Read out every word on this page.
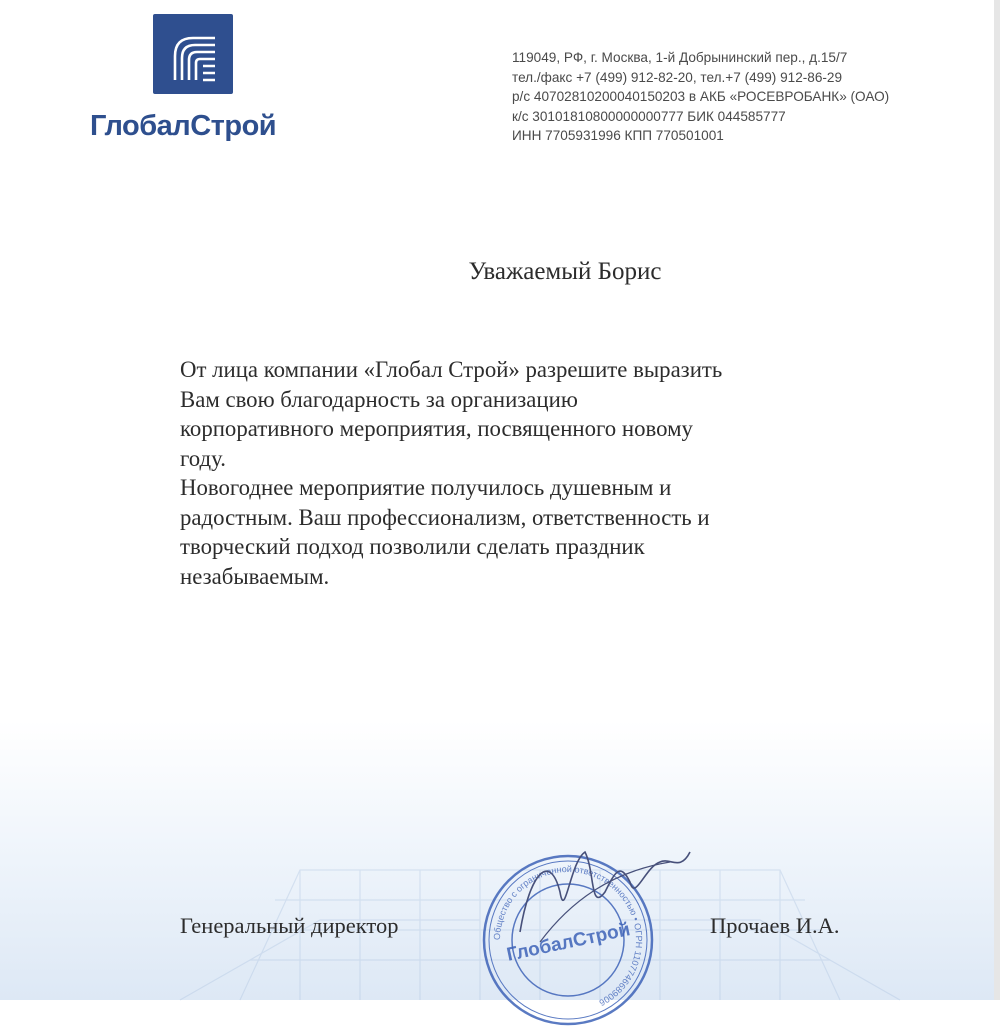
ГлобалСтрой
119049, РФ, г. Москва, 1-й Добрынинский пер., д.15/7
тел./факс +7 (499) 912-82-20, тел.+7 (499) 912-86-29
р/с 40702810200040150203 в АКБ «РОСЕВРОБАНК» (ОАО)
к/с 30101810800000000777 БИК 044585777
ИНН 7705931996 КПП 770501001
Уважаемый Борис
От лица компании «Глобал Строй» разрешите выразить
Вам свою благодарность за организацию
корпоративного мероприятия, посвященного новому
году.
Новогоднее мероприятие получилось душевным и
радостным. Ваш профессионализм, ответственность и
творческий подход позволили сделать праздник
незабываемым.
Общество с ограниченной ответственностью • ОГРН 1107746689006
ГлобалСтрой
Генеральный директор	Прочаев И.А.
